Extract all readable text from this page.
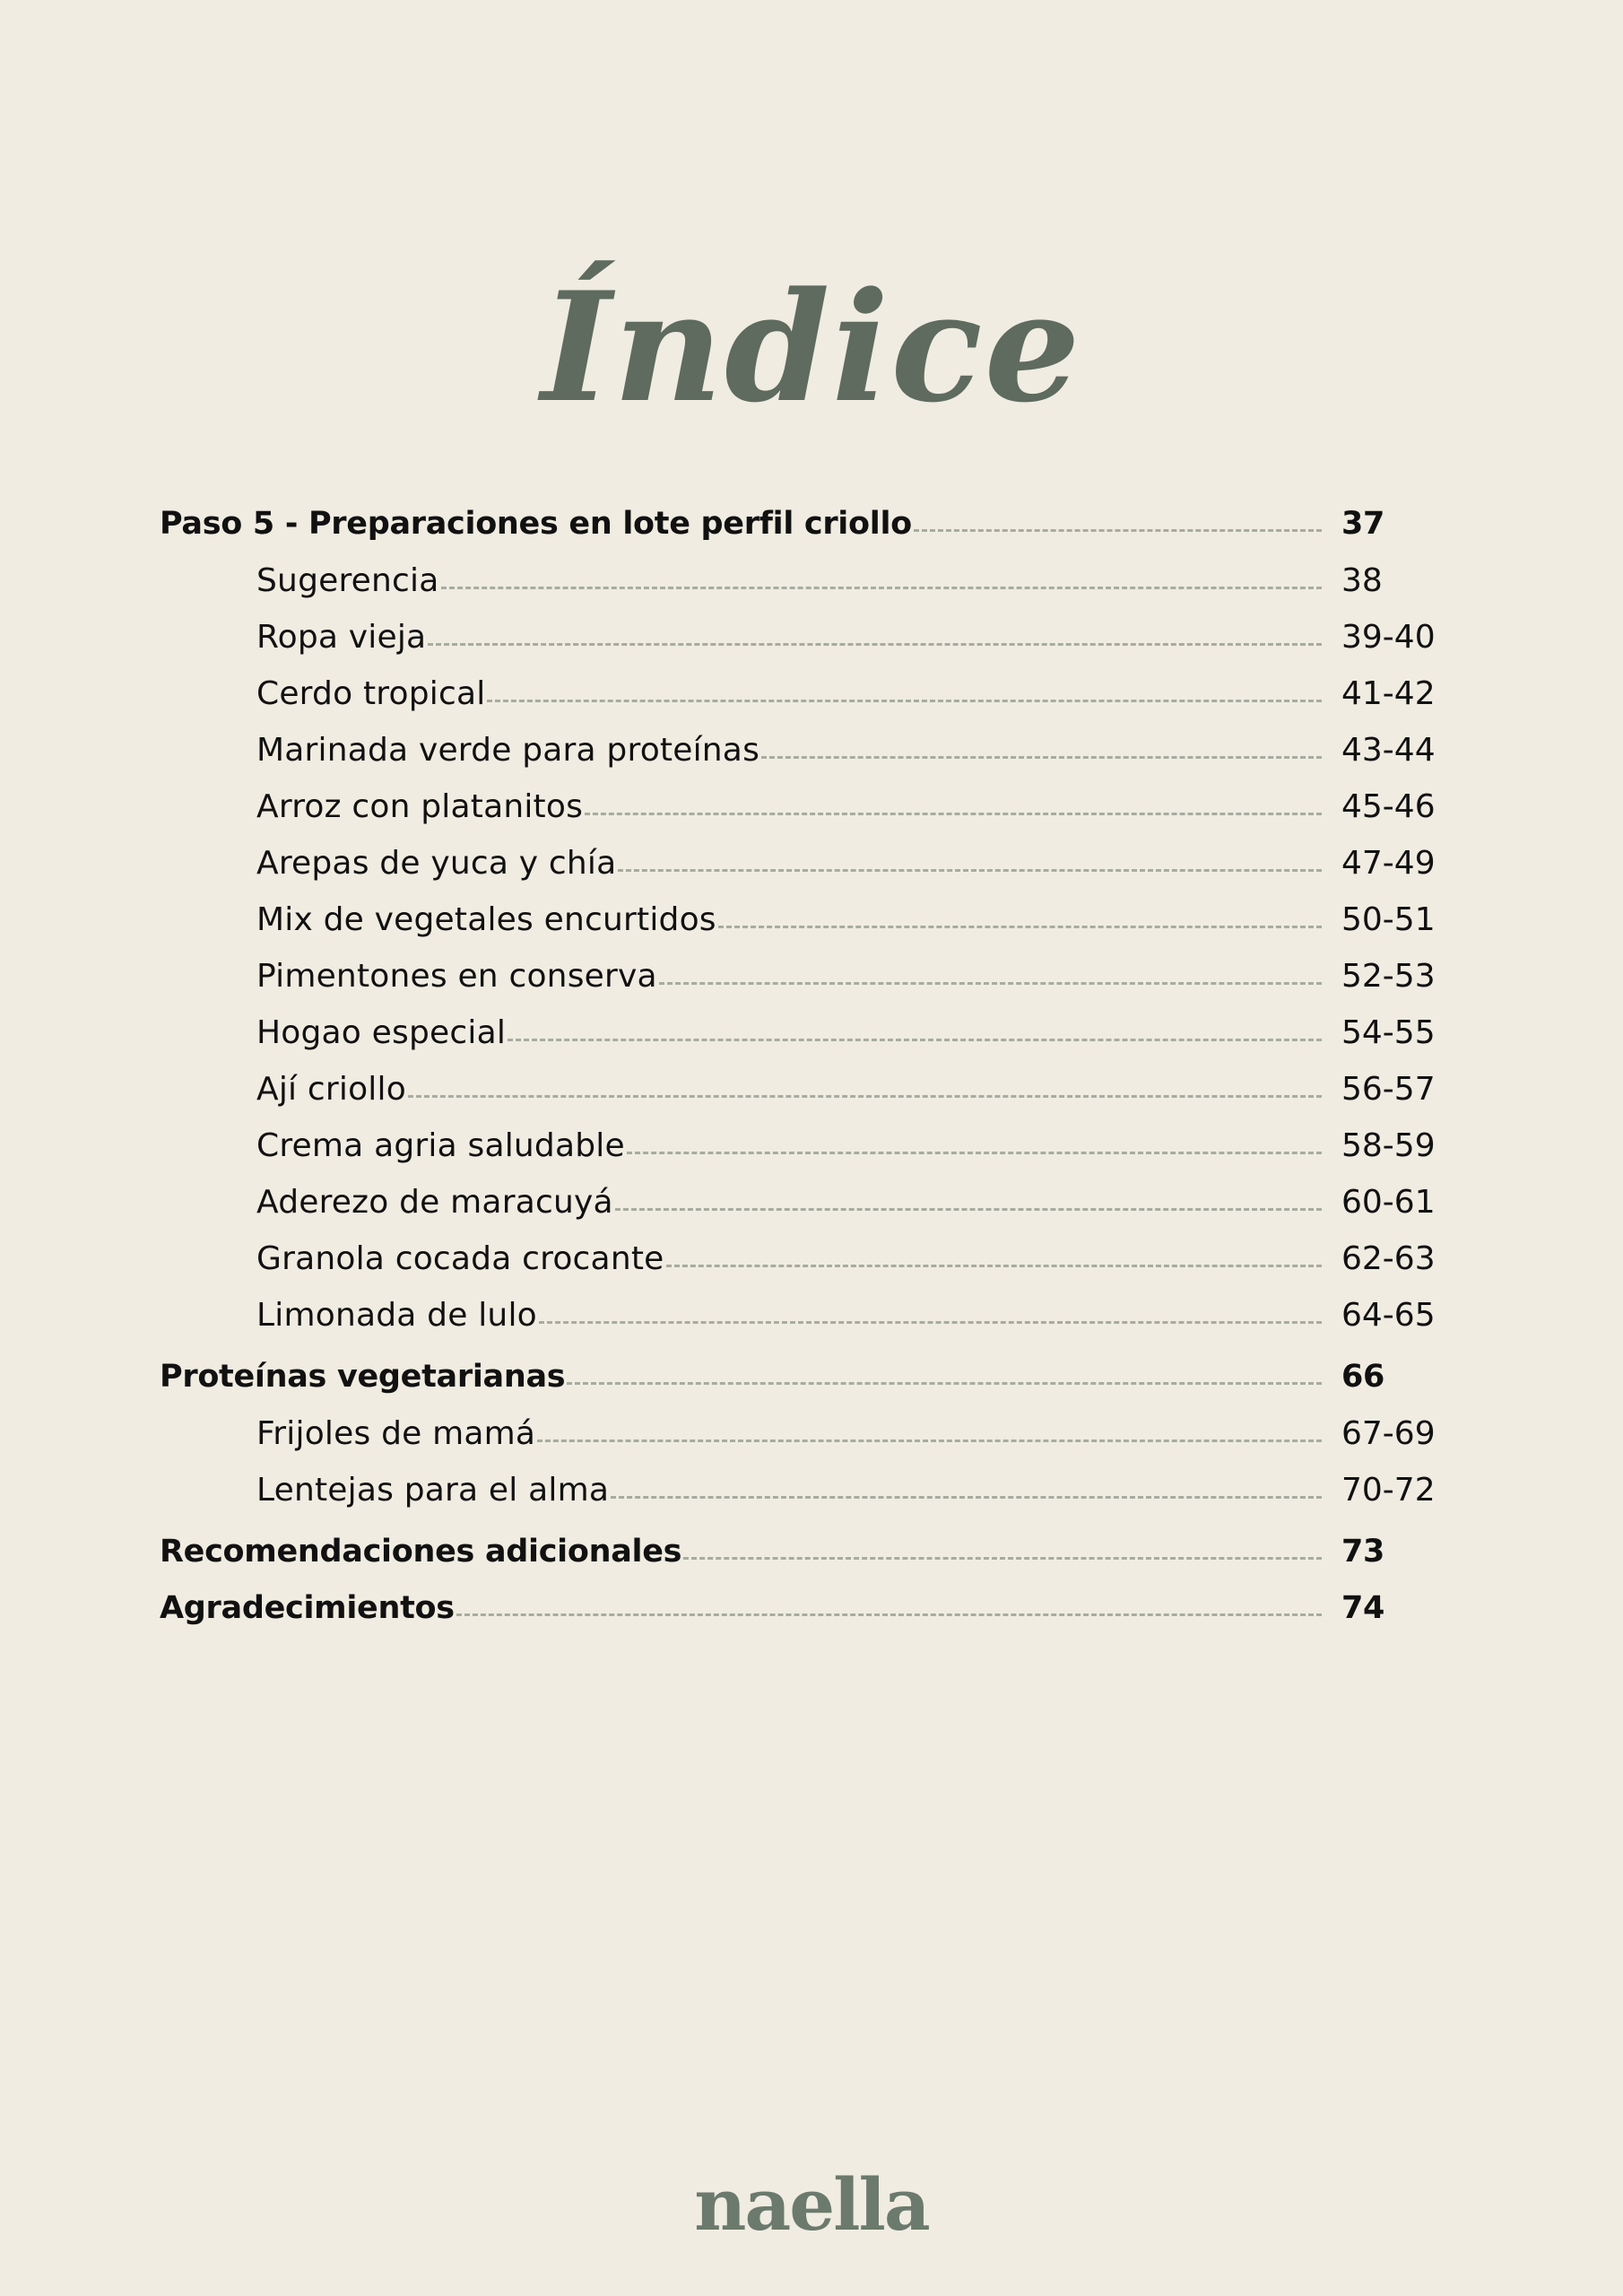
Índice
Paso 5 - Preparaciones en lote perfil criollo	37
Sugerencia	38
Ropa vieja	39-40
Cerdo tropical	41-42
Marinada verde para proteínas	43-44
Arroz con platanitos	45-46
Arepas de yuca y chía	47-49
Mix de vegetales encurtidos	50-51
Pimentones en conserva	52-53
Hogao especial	54-55
Ají criollo	56-57
Crema agria saludable	58-59
Aderezo de maracuyá	60-61
Granola cocada crocante	62-63
Limonada de lulo	64-65
Proteínas vegetarianas	66
Frijoles de mamá	67-69
Lentejas para el alma	70-72
Recomendaciones adicionales	73
Agradecimientos	74
naella
